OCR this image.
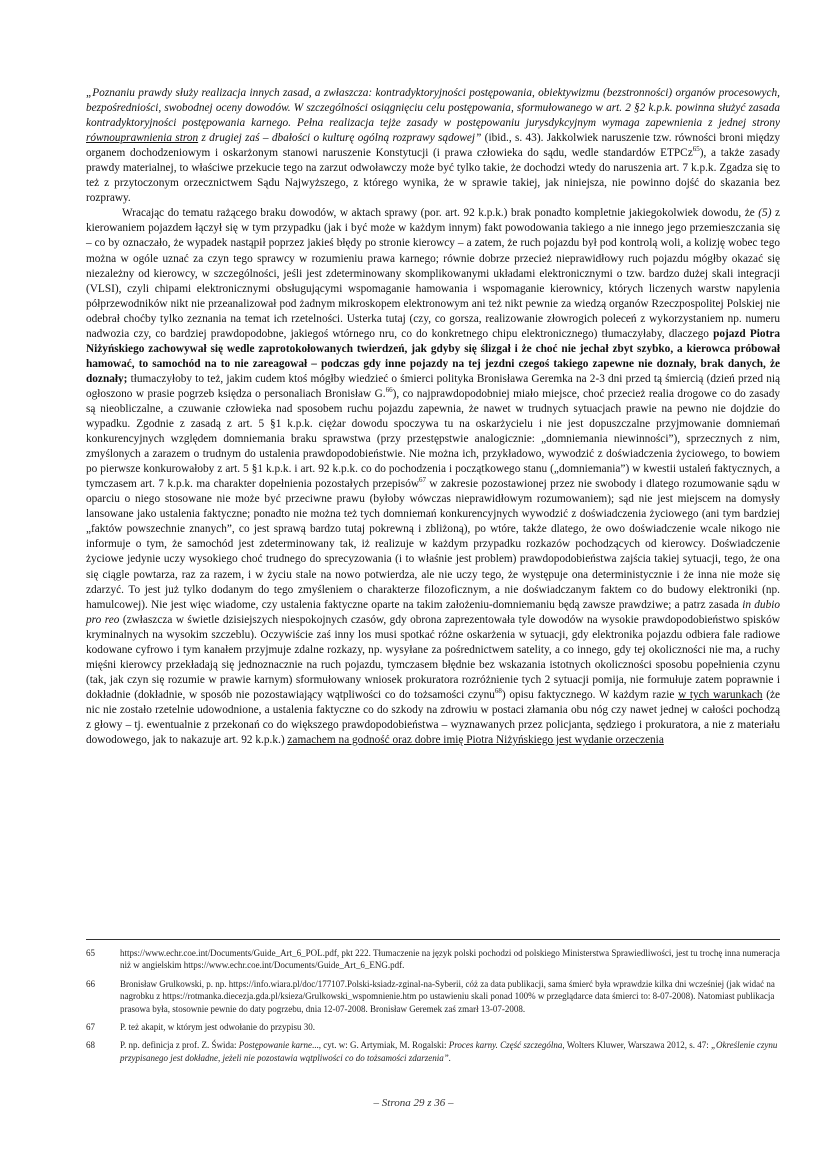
„Poznaniu prawdy służy realizacja innych zasad, a zwłaszcza: kontradyktoryjności postępowania, obiektywizmu (bezstronności) organów procesowych, bezpośredniości, swobodnej oceny dowodów. W szczególności osiągnięciu celu postępowania, sformułowanego w art. 2 §2 k.p.k. powinna służyć zasada kontradyktoryjności postępowania karnego. Pełna realizacja tejże zasady w postępowaniu jurysdykcyjnym wymaga zapewnienia z jednej strony równouprawnienia stron z drugiej zaś – dbałości o kulturę ogólną rozprawy sądowej” (ibid., s. 43). Jakkolwiek naruszenie tzw. równości broni między organem dochodzeniowym i oskarżonym stanowi naruszenie Konstytucji (i prawa człowieka do sądu, wedle standardów ETPCz$^{65}$), a także zasady prawdy materialnej, to właściwe przekucie tego na zarzut odwoławczy może być tylko takie, że dochodzi wtedy do naruszenia art. 7 k.p.k. Zgadza się to też z przytoczonym orzecznictwem Sądu Najwyższego, z którego wynika, że w sprawie takiej, jak niniejsza, nie powinno dojść do skazania bez rozprawy.

Wracając do tematu rażącego braku dowodów, w aktach sprawy (por. art. 92 k.p.k.) brak ponadto kompletnie jakiegokolwiek dowodu, że (5) z kierowaniem pojazdem łączył się w tym przypadku (jak i być może w każdym innym) fakt powodowania takiego a nie innego jego przemieszczania się – co by oznaczało, że wypadek nastąpił poprzez jakieś błędy po stronie kierowcy – a zatem, że ruch pojazdu był pod kontrolą woli, a kolizję wobec tego można w ogóle uznać za czyn tego sprawcy w rozumieniu prawa karnego; równie dobrze przecież nieprawidłowy ruch pojazdu mógłby okazać się niezależny od kierowcy, w szczególności, jeśli jest zdeterminowany skomplikowanymi układami elektronicznymi o tzw. bardzo dużej skali integracji (VLSI), czyli chipami elektronicznymi obsługującymi wspomaganie hamowania i wspomaganie kierownicy, których liczenych warstw napylenia półprzewodników nikt nie przeanalizował pod żadnym mikroskopem elektronowym ani też nikt pewnie za wiedzą organów Rzeczpospolitej Polskiej nie odebrał choćby tylko zeznania na temat ich rzetelności. Usterka tutaj (czy, co gorsza, realizowanie złowrogich poleceń z wykorzystaniem np. numeru nadwozia czy, co bardziej prawdopodobne, jakiegoś wtórnego nru, co do konkretnego chipu elektronicznego) tłumaczyłaby, dlaczego pojazd Piotra Niżyńskiego zachowywał się wedle zaprotokołowanych twierdzeń, jak gdyby się ślizgał i że choć nie jechał zbyt szybko, a kierowca próbował hamować, to samochód na to nie zareagował – podczas gdy inne pojazdy na tej jezdni czegoś takiego zapewne nie doznały, brak danych, że doznały; tłumaczyłoby to też, jakim cudem ktoś mógłby wiedzieć o śmierci polityka Bronisława Geremka na 2-3 dni przed tą śmiercią (dzień przed nią ogłoszono w prasie pogrzeb księdza o personaliach Bronisław G.$^{66}$), co najprawdopodobniej miało miejsce, choć przecież realia drogowe co do zasady są nieobliczalne, a czuwanie człowieka nad sposobem ruchu pojazdu zapewnia, że nawet w trudnych sytuacjach prawie na pewno nie dojdzie do wypadku. Zgodnie z zasadą z art. 5 §1 k.p.k. ciężar dowodu spoczywa tu na oskarżycielu i nie jest dopuszczalne przyjmowanie domniemań konkurencyjnych względem domniemania braku sprawstwa (przy przestępstwie analogicznie: „domniemania niewinności”), sprzecznych z nim, zmyślonych a zarazem o trudnym do ustalenia prawdopodobieństwie. Nie można ich, przykładowo, wywodzić z doświadczenia życiowego, to bowiem po pierwsze konkurowałoby z art. 5 §1 k.p.k. i art. 92 k.p.k. co do pochodzenia i początkowego stanu („domniemania”) w kwestii ustaleń faktycznych, a tymczasem art. 7 k.p.k. ma charakter dopełnienia pozostałych przepisów$^{67}$ w zakresie pozostawionej przez nie swobody i dlatego rozumowanie sądu w oparciu o niego stosowane nie może być przeciwne prawu (byłoby wówczas nieprawidłowym rozumowaniem); sąd nie jest miejscem na domysły lansowane jako ustalenia faktyczne; ponadto nie można też tych domniemań konkurencyjnych wywodzić z doświadczenia życiowego (ani tym bardziej „faktów powszechnie znanych”, co jest sprawą bardzo tutaj pokrewną i zbliżoną), po wtóre, także dlatego, że owo doświadczenie wcale nikogo nie informuje o tym, że samochód jest zdeterminowany tak, iż realizuje w każdym przypadku rozkazów pochodzących od kierowcy. Doświadczenie życiowe jedynie uczy wysokiego choć trudnego do sprecyzowania (i to właśnie jest problem) prawdopodobieństwa zajścia takiej sytuacji, tego, że ona się ciągle powtarza, raz za razem, i w życiu stale na nowo potwierdza, ale nie uczy tego, że występuje ona deterministycznie i że inna nie może się zdarzyć. To jest już tylko dodanym do tego zmyśleniem o charakterze filozoficznym, a nie doświadczanym faktem co do budowy elektroniki (np. hamulcowej). Nie jest więc wiadome, czy ustalenia faktyczne oparte na takim założeniu-domniemaniu będą zawsze prawdziwe; a patrz zasada in dubio pro reo (zwłaszcza w świetle dzisiejszych niespokojnych czasów, gdy obrona zaprezentowała tyle dowodów na wysokie prawdopodobieństwo spisków kryminalnych na wysokim szczeblu). Oczywiście zaś inny los musi spotkać różne oskarżenia w sytuacji, gdy elektronika pojazdu odbiera fale radiowe kodowane cyfrowo i tym kanałem przyjmuje zdalne rozkazy, np. wysyłane za pośrednictwem satelity, a co innego, gdy tej okoliczności nie ma, a ruchy mięśni kierowcy przekładają się jednoznacznie na ruch pojazdu, tymczasem błędnie bez wskazania istotnych okoliczności sposobu popełnienia czynu (tak, jak czyn się rozumie w prawie karnym) sformułowany wniosek prokuratora rozróżnienie tych 2 sytuacji pomija, nie formułuje zatem poprawnie i dokładnie (dokładnie, w sposób nie pozostawiający wątpliwości co do tożsamości czynu$^{68}$) opisu faktycznego. W każdym razie w tych warunkach (że nic nie zostało rzetelnie udowodnione, a ustalenia faktyczne co do szkody na zdrowiu w postaci złamania obu nóg czy nawet jednej w całości pochodzą z głowy – tj. ewentualnie z przekonań co do większego prawdopodobieństwa – wyznawanych przez policjanta, sędziego i prokuratora, a nie z materiału dowodowego, jak to nakazuje art. 92 k.p.k.) zamachem na godność oraz dobre imię Piotra Niżyńskiego jest wydanie orzeczenia

65	https://www.echr.coe.int/Documents/Guide_Art_6_POL.pdf, pkt 222. Tłumaczenie na język polski pochodzi od polskiego Ministerstwa Sprawiedliwości, jest tu trochę inna numeracja niż w angielskim https://www.echr.coe.int/Documents/Guide_Art_6_ENG.pdf.
66	Bronisław Grulkowski, p. np. https://info.wiara.pl/doc/177107.Polski-ksiadz-zginal-na-Syberii, cóż za data publikacji, sama śmierć była wprawdzie kilka dni wcześniej (jak widać na nagrobku z https://rotmanka.diecezja.gda.pl/ksieza/Grulkowski_wspomnienie.htm po ustawieniu skali ponad 100% w przeglądarce data śmierci to: 8-07-2008). Natomiast publikacja prasowa była, stosownie pewnie do daty pogrzebu, dnia 12-07-2008. Bronisław Geremek zaś zmarł 13-07-2008.
67	P. też akapit, w którym jest odwołanie do przypisu 30.
68	P. np. definicja z prof. Z. Świda: Postępowanie karne..., cyt. w: G. Artymiak, M. Rogalski: Proces karny. Część szczególna, Wolters Kluwer, Warszawa 2012, s. 47: „Określenie czynu przypisanego jest dokładne, jeżeli nie pozostawia wątpliwości co do tożsamości zdarzenia”.
– Strona 29 z 36 –
